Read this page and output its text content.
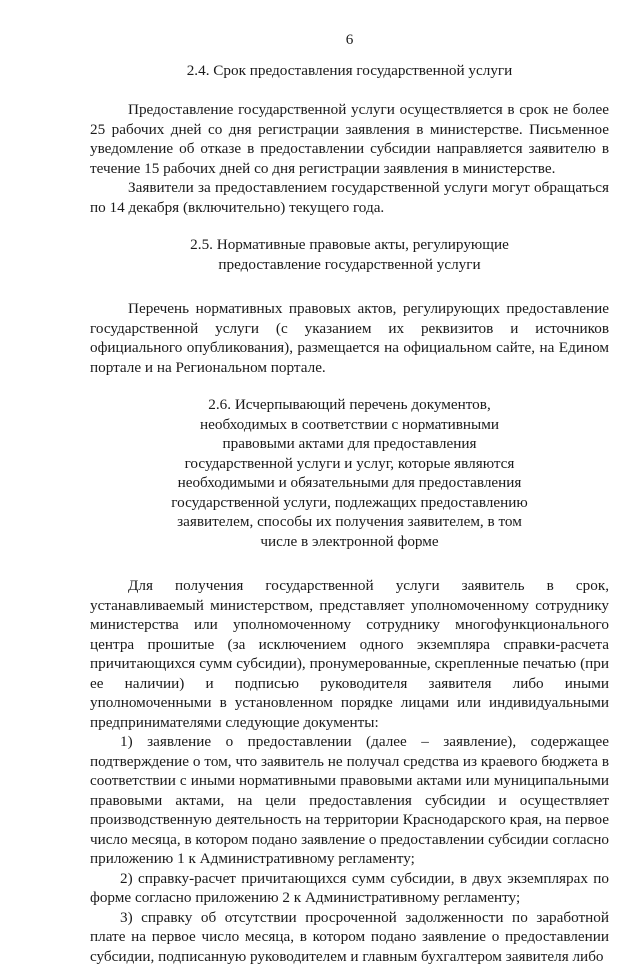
6
2.4. Срок предоставления государственной услуги

Предоставление государственной услуги осуществляется в срок не более 25 рабочих дней со дня регистрации заявления в министерстве. Письменное уведомление об отказе в предоставлении субсидии направляется заявителю в течение 15 рабочих дней со дня регистрации заявления в министерстве.

Заявители за предоставлением государственной услуги могут обращаться по 14 декабря (включительно) текущего года.

2.5. Нормативные правовые акты, регулирующие
предоставление государственной услуги

Перечень нормативных правовых актов, регулирующих предоставление государственной услуги (с указанием их реквизитов и источников официального опубликования), размещается на официальном сайте, на Едином портале и на Региональном портале.

2.6. Исчерпывающий перечень документов,
необходимых в соответствии с нормативными
правовыми актами для предоставления
государственной услуги и услуг, которые являются
необходимыми и обязательными для предоставления
государственной услуги, подлежащих предоставлению
заявителем, способы их получения заявителем, в том
числе в электронной форме

Для получения государственной услуги заявитель в срок, устанавливаемый министерством, представляет уполномоченному сотруднику министерства или уполномоченному сотруднику многофункционального центра прошитые (за исключением одного экземпляра справки-расчета причитающихся сумм субсидии), пронумерованные, скрепленные печатью (при ее наличии) и подписью руководителя заявителя либо иными уполномоченными в установленном порядке лицами или индивидуальными предпринимателями следующие документы:

1) заявление о предоставлении (далее – заявление), содержащее подтверждение о том, что заявитель не получал средства из краевого бюджета в соответствии с иными нормативными правовыми актами или муниципальными правовыми актами, на цели предоставления субсидии и осуществляет производственную деятельность на территории Краснодарского края, на первое число месяца, в котором подано заявление о предоставлении субсидии согласно приложению 1 к Административному регламенту;

2) справку-расчет причитающихся сумм субсидии, в двух экземплярах по форме согласно приложению 2 к Административному регламенту;

3) справку об отсутствии просроченной задолженности по заработной плате на первое число месяца, в котором подано заявление о предоставлении субсидии, подписанную руководителем и главным бухгалтером заявителя либо
